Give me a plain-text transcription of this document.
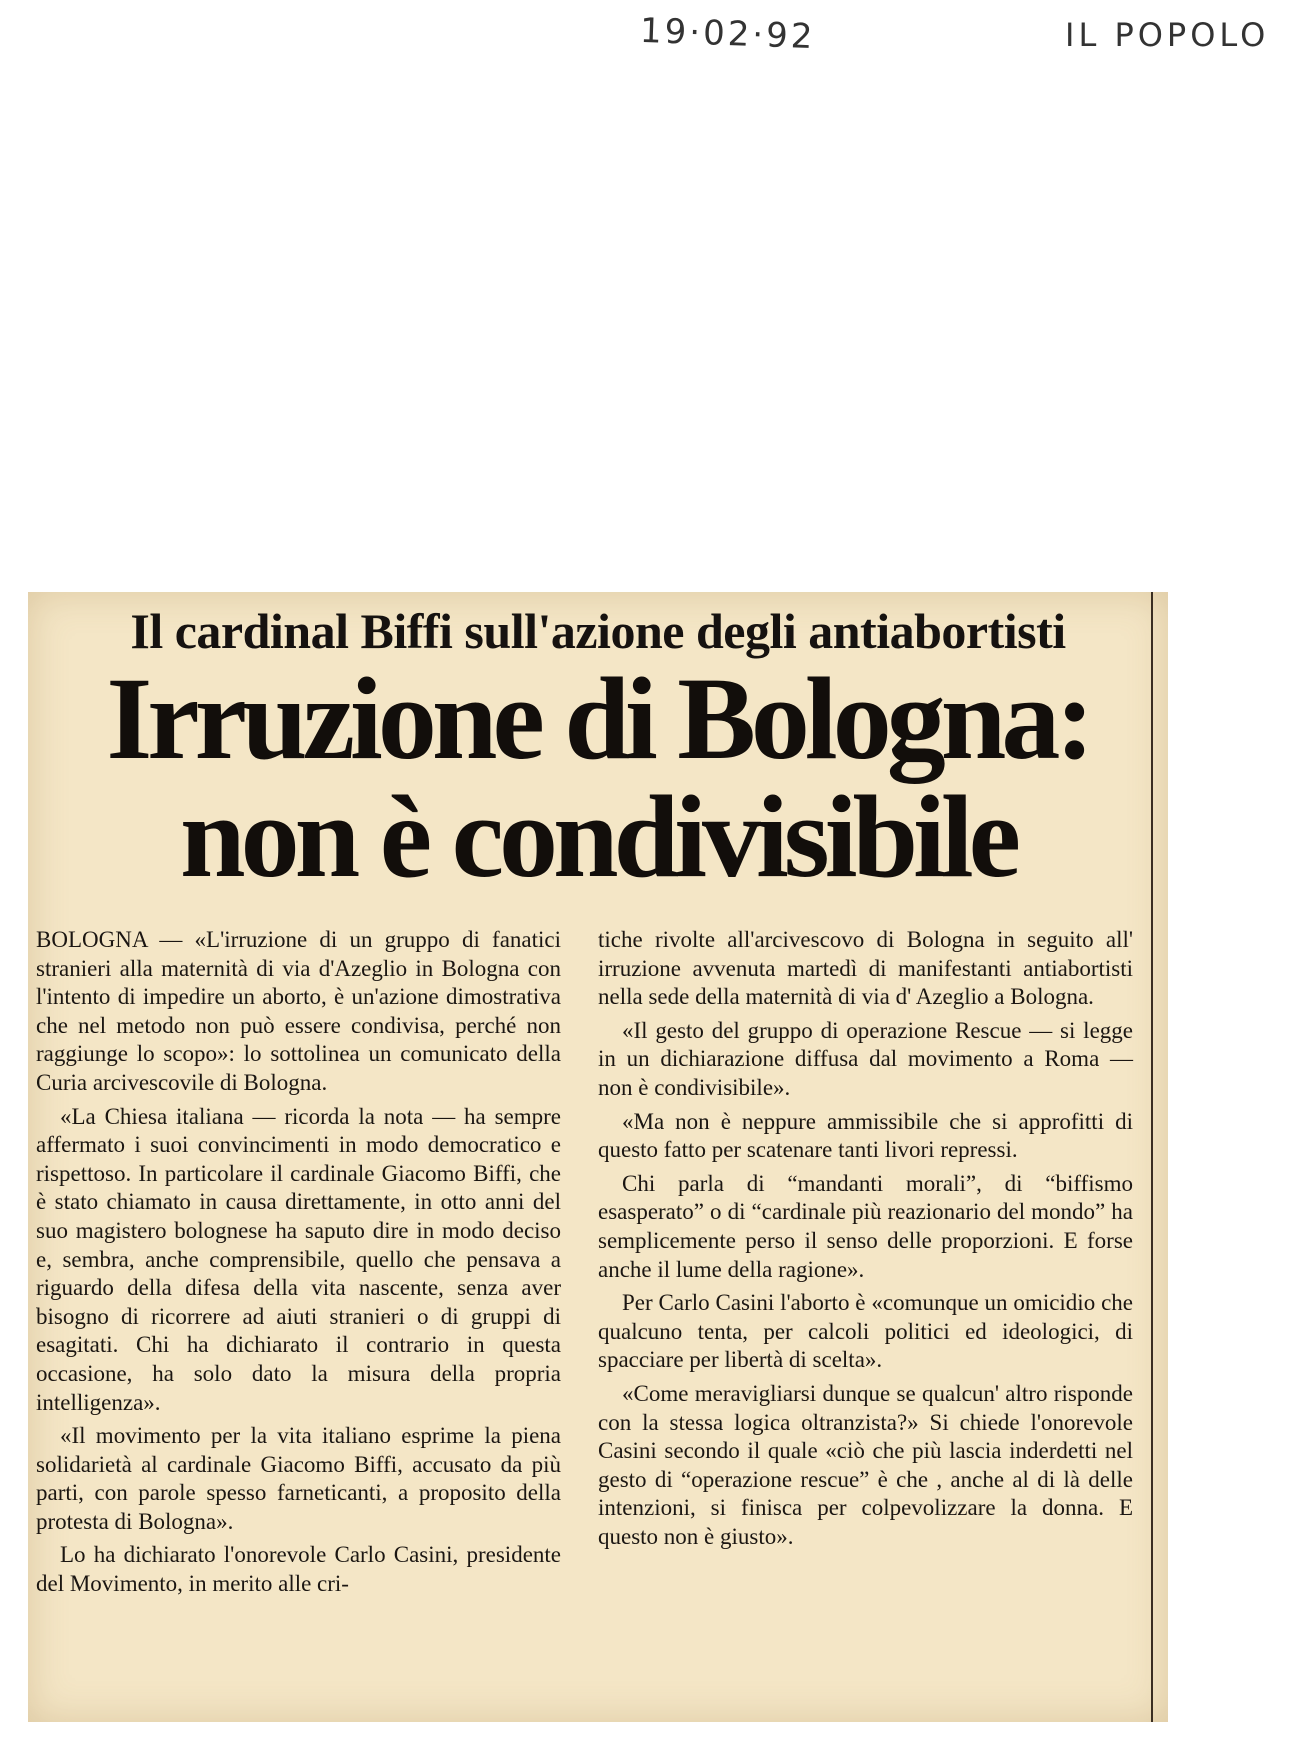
19·02·92	IL POPOLO
Il cardinal Biffi sull'azione degli antiabortisti
Irruzione di Bologna:
non è condivisibile

BOLOGNA — «L'irruzione di un gruppo di fanatici stranieri alla maternità di via d'Azeglio in Bologna con l'intento di impedire un aborto, è un'azione dimostrativa che nel metodo non può essere condivisa, perché non raggiunge lo scopo»: lo sottolinea un comunicato della Curia arcivescovile di Bologna.

«La Chiesa italiana — ricorda la nota — ha sempre affermato i suoi convincimenti in modo democratico e rispettoso. In particolare il cardinale Giacomo Biffi, che è stato chiamato in causa direttamente, in otto anni del suo magistero bolognese ha saputo dire in modo deciso e, sembra, anche comprensibile, quello che pensava a riguardo della difesa della vita nascente, senza aver bisogno di ricorrere ad aiuti stranieri o di gruppi di esagitati. Chi ha dichiarato il contrario in questa occasione, ha solo dato la misura della propria intelligenza».

«Il movimento per la vita italiano esprime la piena solidarietà al cardinale Giacomo Biffi, accusato da più parti, con parole spesso farneticanti, a proposito della protesta di Bologna».

Lo ha dichiarato l'onorevole Carlo Casini, presidente del Movimento, in merito alle cri-

tiche rivolte all'arcivescovo di Bologna in seguito all' irruzione avvenuta martedì di manifestanti antiabortisti nella sede della maternità di via d' Azeglio a Bologna.

«Il gesto del gruppo di operazione Rescue — si legge in un dichiarazione diffusa dal movimento a Roma — non è condivisibile».

«Ma non è neppure ammissibile che si approfitti di questo fatto per scatenare tanti livori repressi.

Chi parla di “mandanti morali”, di “biffismo esasperato” o di “cardinale più reazionario del mondo” ha semplicemente perso il senso delle proporzioni. E forse anche il lume della ragione».

Per Carlo Casini l'aborto è «comunque un omicidio che qualcuno tenta, per calcoli politici ed ideologici, di spacciare per libertà di scelta».

«Come meravigliarsi dunque se qualcun' altro risponde con la stessa logica oltranzista?» Si chiede l'onorevole Casini secondo il quale «ciò che più lascia inderdetti nel gesto di “operazione rescue” è che , anche al di là delle intenzioni, si finisca per colpevolizzare la donna. E questo non è giusto».
